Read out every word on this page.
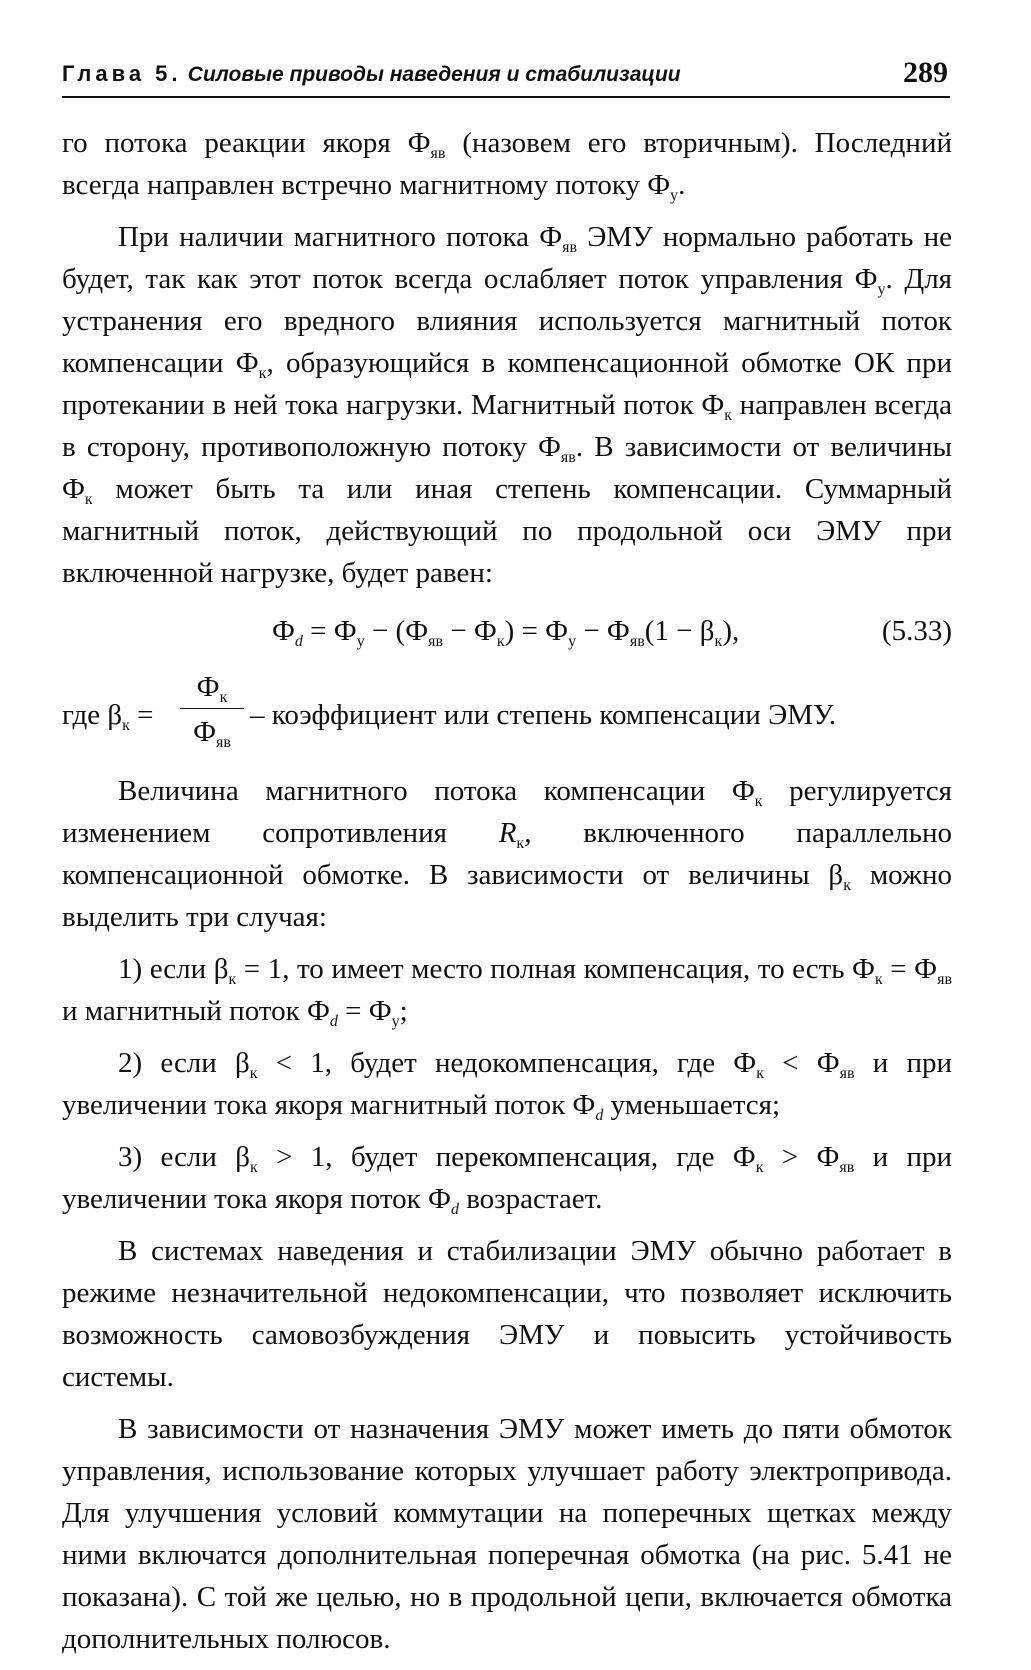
Глава 5. Силовые приводы наведения и стабилизации	289

го потока реакции якоря $Ф_{яв}$ (назовем его вторичным). Последний всегда направлен встречно магнитному потоку $Ф_у$.

При наличии магнитного потока $Ф_{яв}$ ЭМУ нормально работать не будет, так как этот поток всегда ослабляет поток управления $Ф_у$. Для устранения его вредного влияния используется магнитный поток компенсации $Ф_к$, образующийся в компенсационной обмотке ОК при протекании в ней тока нагрузки. Магнитный поток $Ф_к$ направлен всегда в сторону, противоположную потоку $Ф_{яв}$. В зависимости от величины $Ф_к$ может быть та или иная степень компенсации. Суммарный магнитный поток, действующий по продольной оси ЭМУ при включенной нагрузке, будет равен:

$Ф_d = Ф_у - (Ф_{яв} - Ф_к) = Ф_у - Ф_{яв}(1 - \beta_к)$,	(5.33)
где $\beta_к$ =
$Ф_к$
$Ф_{яв}$
– коэффициент или степень компенсации ЭМУ.

Величина магнитного потока компенсации $Ф_к$ регулируется изменением сопротивления $R_к$, включенного параллельно компенсационной обмотке. В зависимости от величины $\beta_к$ можно выделить три случая:

1) если $\beta_к = 1$, то имеет место полная компенсация, то есть $Ф_к = Ф_{яв}$ и магнитный поток $Ф_d = Ф_у$;

2) если $\beta_к < 1$, будет недокомпенсация, где $Ф_к < Ф_{яв}$ и при увеличении тока якоря магнитный поток $Ф_d$ уменьшается;

3) если $\beta_к > 1$, будет перекомпенсация, где $Ф_к > Ф_{яв}$ и при увеличении тока якоря поток $Ф_d$ возрастает.

В системах наведения и стабилизации ЭМУ обычно работает в режиме незначительной недокомпенсации, что позволяет исключить возможность самовозбуждения ЭМУ и повысить устойчивость системы.

В зависимости от назначения ЭМУ может иметь до пяти обмоток управления, использование которых улучшает работу электропривода. Для улучшения условий коммутации на поперечных щетках между ними включатся дополнительная поперечная обмотка (на рис. 5.41 не показана). С той же целью, но в продольной цепи, включается обмотка дополнительных полюсов.
